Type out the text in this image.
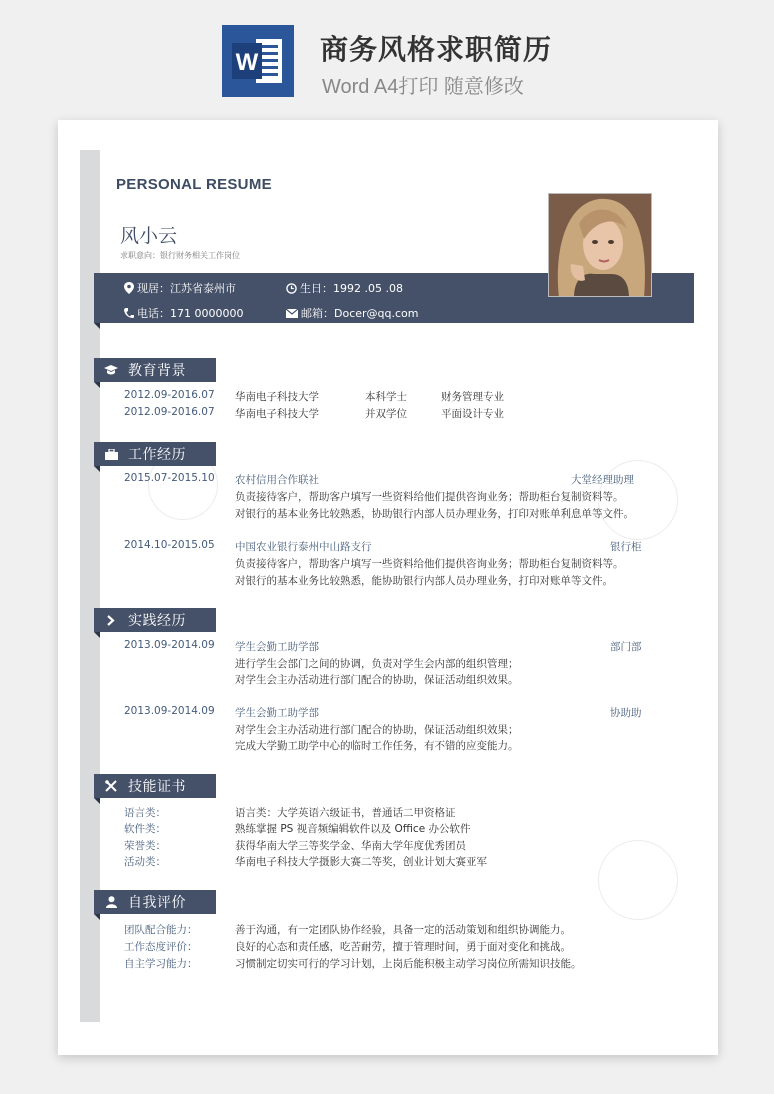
W 商务风格求职简历
Word A4打印 随意修改
PERSONAL RESUME
风小云
求职意向：银行财务相关工作岗位
现居：江苏省泰州市	生日：1992 .05 .08
电话：171 0000000	邮箱：Docer@qq.com
教育背景
2012.09-2016.07 华南电子科技大学	本科学士	财务管理专业
2012.09-2016.07 华南电子科技大学	并双学位	平面设计专业
工作经历
2015.07-2015.10 农村信用合作联社	大堂经理助理
负责接待客户，帮助客户填写一些资料给他们提供咨询业务；帮助柜台复制资料等。
对银行的基本业务比较熟悉，协助银行内部人员办理业务，打印对账单利息单等文件。
2014.10-2015.05 中国农业银行泰州中山路支行	银行柜
负责接待客户，帮助客户填写一些资料给他们提供咨询业务；帮助柜台复制资料等。
对银行的基本业务比较熟悉，能协助银行内部人员办理业务，打印对账单等文件。
实践经历
2013.09-2014.09 学生会勤工助学部	部门部
进行学生会部门之间的协调，负责对学生会内部的组织管理；
对学生会主办活动进行部门配合的协助，保证活动组织效果。
2013.09-2014.09 学生会勤工助学部	协助助
对学生会主办活动进行部门配合的协助，保证活动组织效果；
完成大学勤工助学中心的临时工作任务，有不错的应变能力。
技能证书
语言类：	语言类：大学英语六级证书，普通话二甲资格证
软件类：	熟练掌握 PS 视音频编辑软件以及 Office 办公软件
荣誉类：	获得华南大学三等奖学金、华南大学年度优秀团员
活动类：	华南电子科技大学摄影大赛二等奖，创业计划大赛亚军
自我评价
团队配合能力：	善于沟通，有一定团队协作经验，具备一定的活动策划和组织协调能力。
工作态度评价：	良好的心态和责任感，吃苦耐劳，擅于管理时间，勇于面对变化和挑战。
自主学习能力：	习惯制定切实可行的学习计划，上岗后能积极主动学习岗位所需知识技能。
